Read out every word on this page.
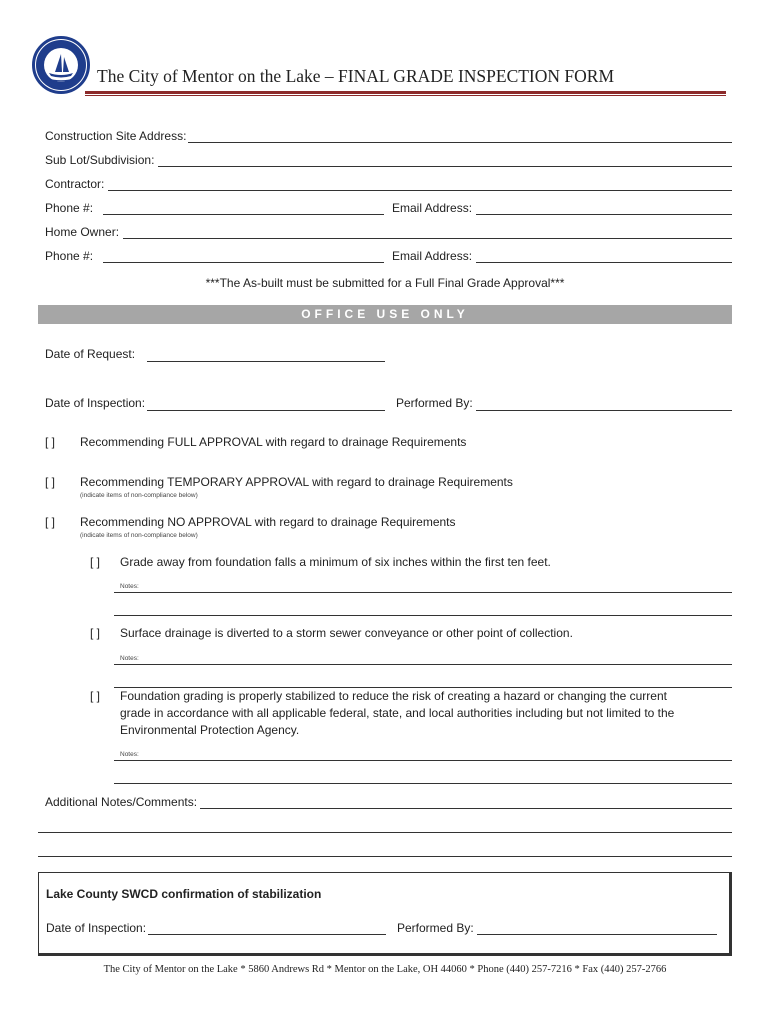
The City of Mentor on the Lake – FINAL GRADE INSPECTION FORM
Construction Site Address:
Sub Lot/Subdivision:
Contractor:
Phone #:	Email Address:
Home Owner:
Phone #:	Email Address:
***The As-built must be submitted for a Full Final Grade Approval***
OFFICE USE ONLY
Date of Request:
Date of Inspection:	Performed By:
[ ] Recommending FULL APPROVAL with regard to drainage Requirements
[ ] Recommending TEMPORARY APPROVAL with regard to drainage Requirements
(indicate items of non-compliance below)
[ ] Recommending NO APPROVAL with regard to drainage Requirements
(indicate items of non-compliance below)
[ ] Grade away from foundation falls a minimum of six inches within the first ten feet.
Notes:
[ ] Surface drainage is diverted to a storm sewer conveyance or other point of collection.
Notes:
[ ] Foundation grading is properly stabilized to reduce the risk of creating a hazard or changing the current grade in accordance with all applicable federal, state, and local authorities including but not limited to the Environmental Protection Agency.
Notes:
Additional Notes/Comments:
Lake County SWCD confirmation of stabilization
Date of Inspection:	Performed By:
The City of Mentor on the Lake * 5860 Andrews Rd * Mentor on the Lake, OH 44060 * Phone (440) 257-7216 * Fax (440) 257-2766
